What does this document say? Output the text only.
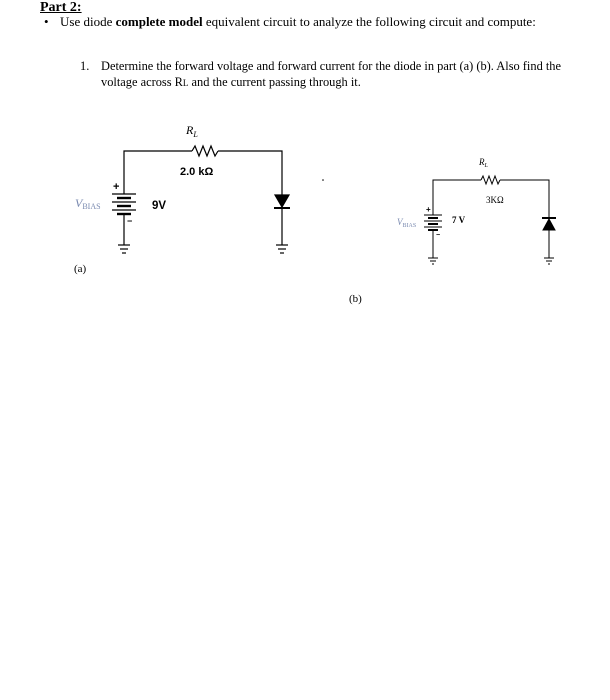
Part 2:
• Use diode complete model equivalent circuit to analyze the following circuit and compute:
1. Determine the forward voltage and forward current for the diode in part (a) (b). Also find the
voltage across RL and the current passing through it.
$R_L$
2.0 kΩ
+
−
VBIAS	9V
(a)
$R_L$
3KΩ
+
−
$V_{BIAS}$
7 V
(b)
